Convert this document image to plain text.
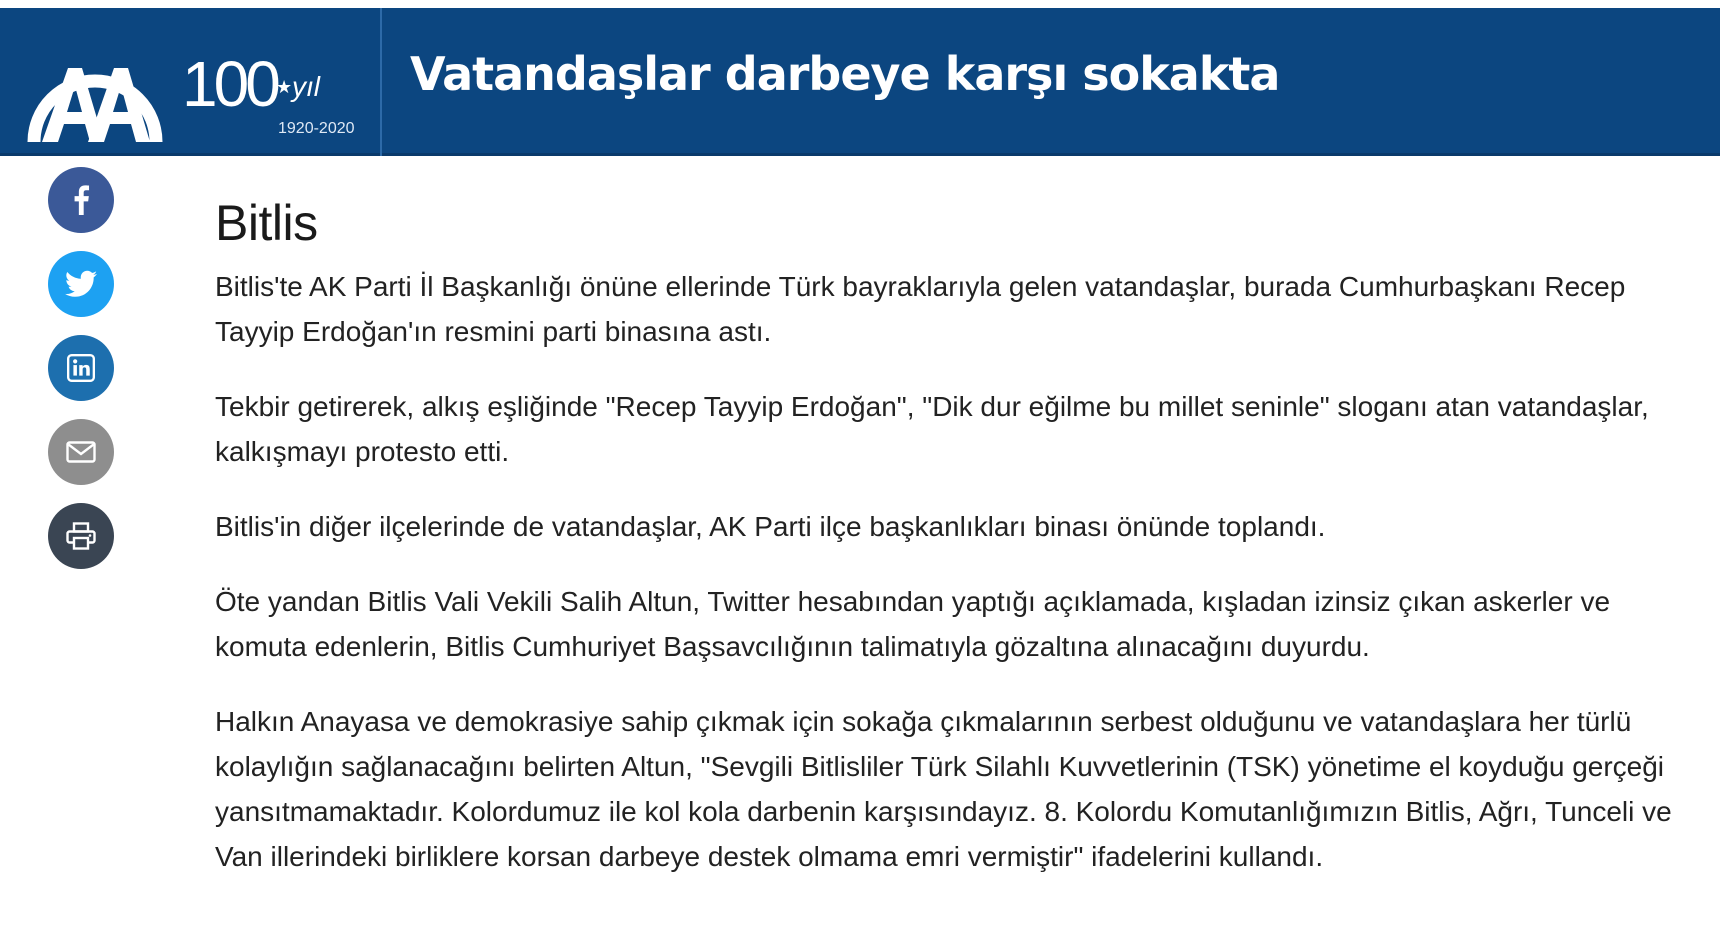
100 ★ yıl
1920-2020
Vatandaşlar darbeye karşı sokakta
Bitlis

Bitlis'te AK Parti İl Başkanlığı önüne ellerinde Türk bayraklarıyla gelen vatandaşlar, burada Cumhurbaşkanı Recep Tayyip Erdoğan'ın resmini parti binasına astı.

Tekbir getirerek, alkış eşliğinde "Recep Tayyip Erdoğan", "Dik dur eğilme bu millet seninle" sloganı atan vatandaşlar, kalkışmayı protesto etti.

Bitlis'in diğer ilçelerinde de vatandaşlar, AK Parti ilçe başkanlıkları binası önünde toplandı.

Öte yandan Bitlis Vali Vekili Salih Altun, Twitter hesabından yaptığı açıklamada, kışladan izinsiz çıkan askerler ve komuta edenlerin, Bitlis Cumhuriyet Başsavcılığının talimatıyla gözaltına alınacağını duyurdu.

Halkın Anayasa ve demokrasiye sahip çıkmak için sokağa çıkmalarının serbest olduğunu ve vatandaşlara her türlü kolaylığın sağlanacağını belirten Altun, "Sevgili Bitlisliler Türk Silahlı Kuvvetlerinin (TSK) yönetime el koyduğu gerçeği yansıtmamaktadır. Kolordumuz ile kol kola darbenin karşısındayız. 8. Kolordu Komutanlığımızın Bitlis, Ağrı, Tunceli ve Van illerindeki birliklere korsan darbeye destek olmama emri vermiştir" ifadelerini kullandı.
